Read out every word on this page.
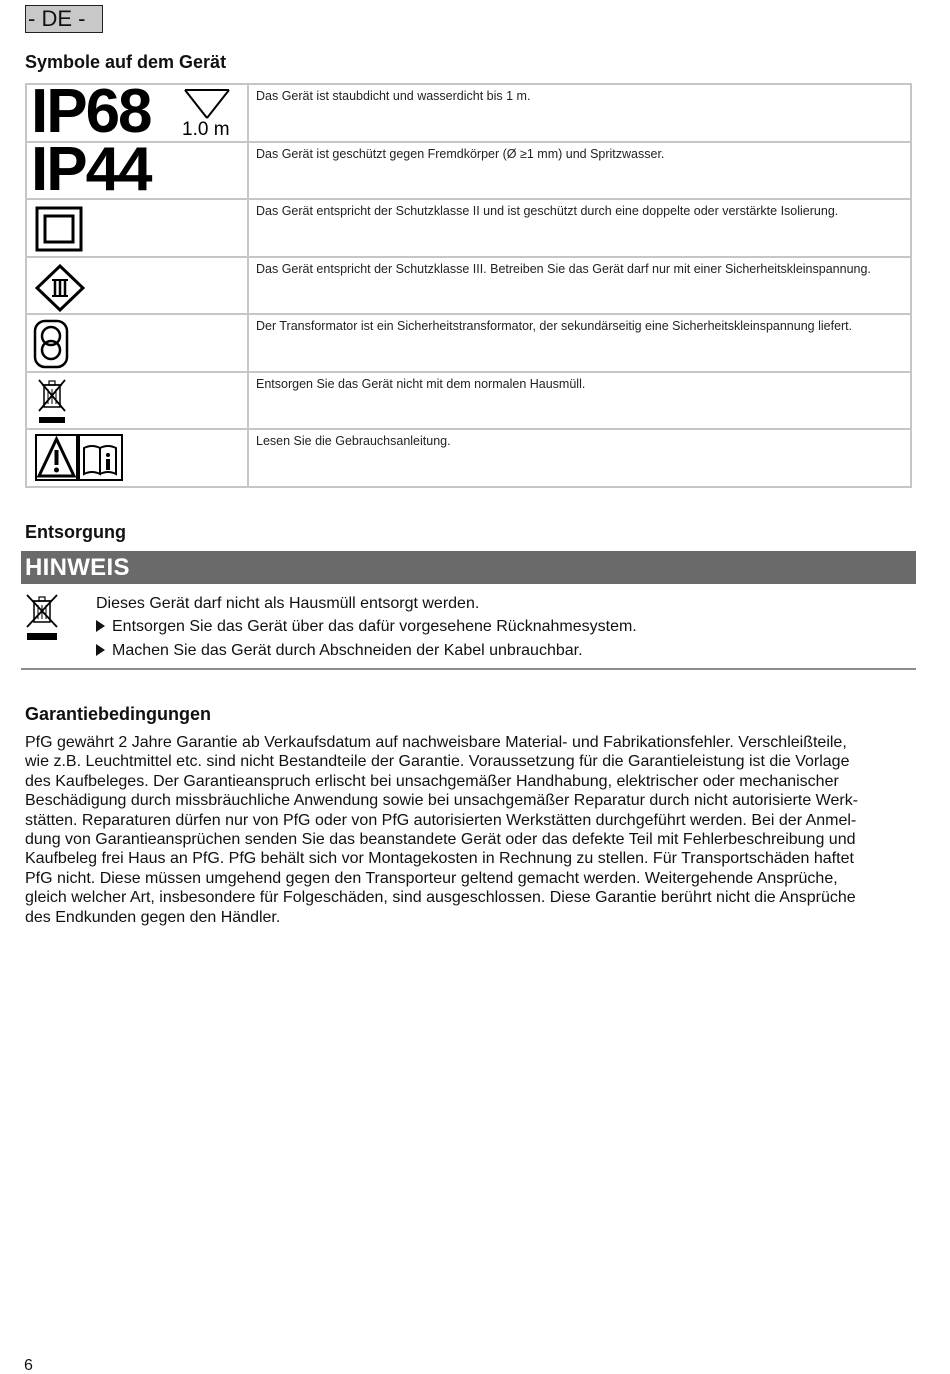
- DE -
Symbole auf dem Gerät
IP68 1.0 m	Das Gerät ist staubdicht und wasserdicht bis 1 m.

IP44	Das Gerät ist geschützt gegen Fremdkörper (Ø ≥1 mm) und Spritzwasser.

	Das Gerät entspricht der Schutzklasse II und ist geschützt durch eine doppelte oder verstärkte Isolierung.

	Das Gerät entspricht der Schutzklasse III. Betreiben Sie das Gerät darf nur mit einer Sicherheitskleinspannung.

	Der Transformator ist ein Sicherheitstransformator, der sekundärseitig eine Sicherheitskleinspannung liefert.

	Entsorgen Sie das Gerät nicht mit dem normalen Hausmüll.

	Lesen Sie die Gebrauchsanleitung.
Entsorgung
HINWEIS
Dieses Gerät darf nicht als Hausmüll entsorgt werden.
Entsorgen Sie das Gerät über das dafür vorgesehene Rücknahmesystem.
Machen Sie das Gerät durch Abschneiden der Kabel unbrauchbar.
Garantiebedingungen
PfG gewährt 2 Jahre Garantie ab Verkaufsdatum auf nachweisbare Material- und Fabrikationsfehler. Verschleißteile,
wie z.B. Leuchtmittel etc. sind nicht Bestandteile der Garantie. Voraussetzung für die Garantieleistung ist die Vorlage
des Kaufbeleges. Der Garantieanspruch erlischt bei unsachgemäßer Handhabung, elektrischer oder mechanischer
Beschädigung durch missbräuchliche Anwendung sowie bei unsachgemäßer Reparatur durch nicht autorisierte Werk-
stätten. Reparaturen dürfen nur von PfG oder von PfG autorisierten Werkstätten durchgeführt werden. Bei der Anmel-
dung von Garantieansprüchen senden Sie das beanstandete Gerät oder das defekte Teil mit Fehlerbeschreibung und
Kaufbeleg frei Haus an PfG. PfG behält sich vor Montagekosten in Rechnung zu stellen. Für Transportschäden haftet
PfG nicht. Diese müssen umgehend gegen den Transporteur geltend gemacht werden. Weitergehende Ansprüche,
gleich welcher Art, insbesondere für Folgeschäden, sind ausgeschlossen. Diese Garantie berührt nicht die Ansprüche
des Endkunden gegen den Händler.
6
